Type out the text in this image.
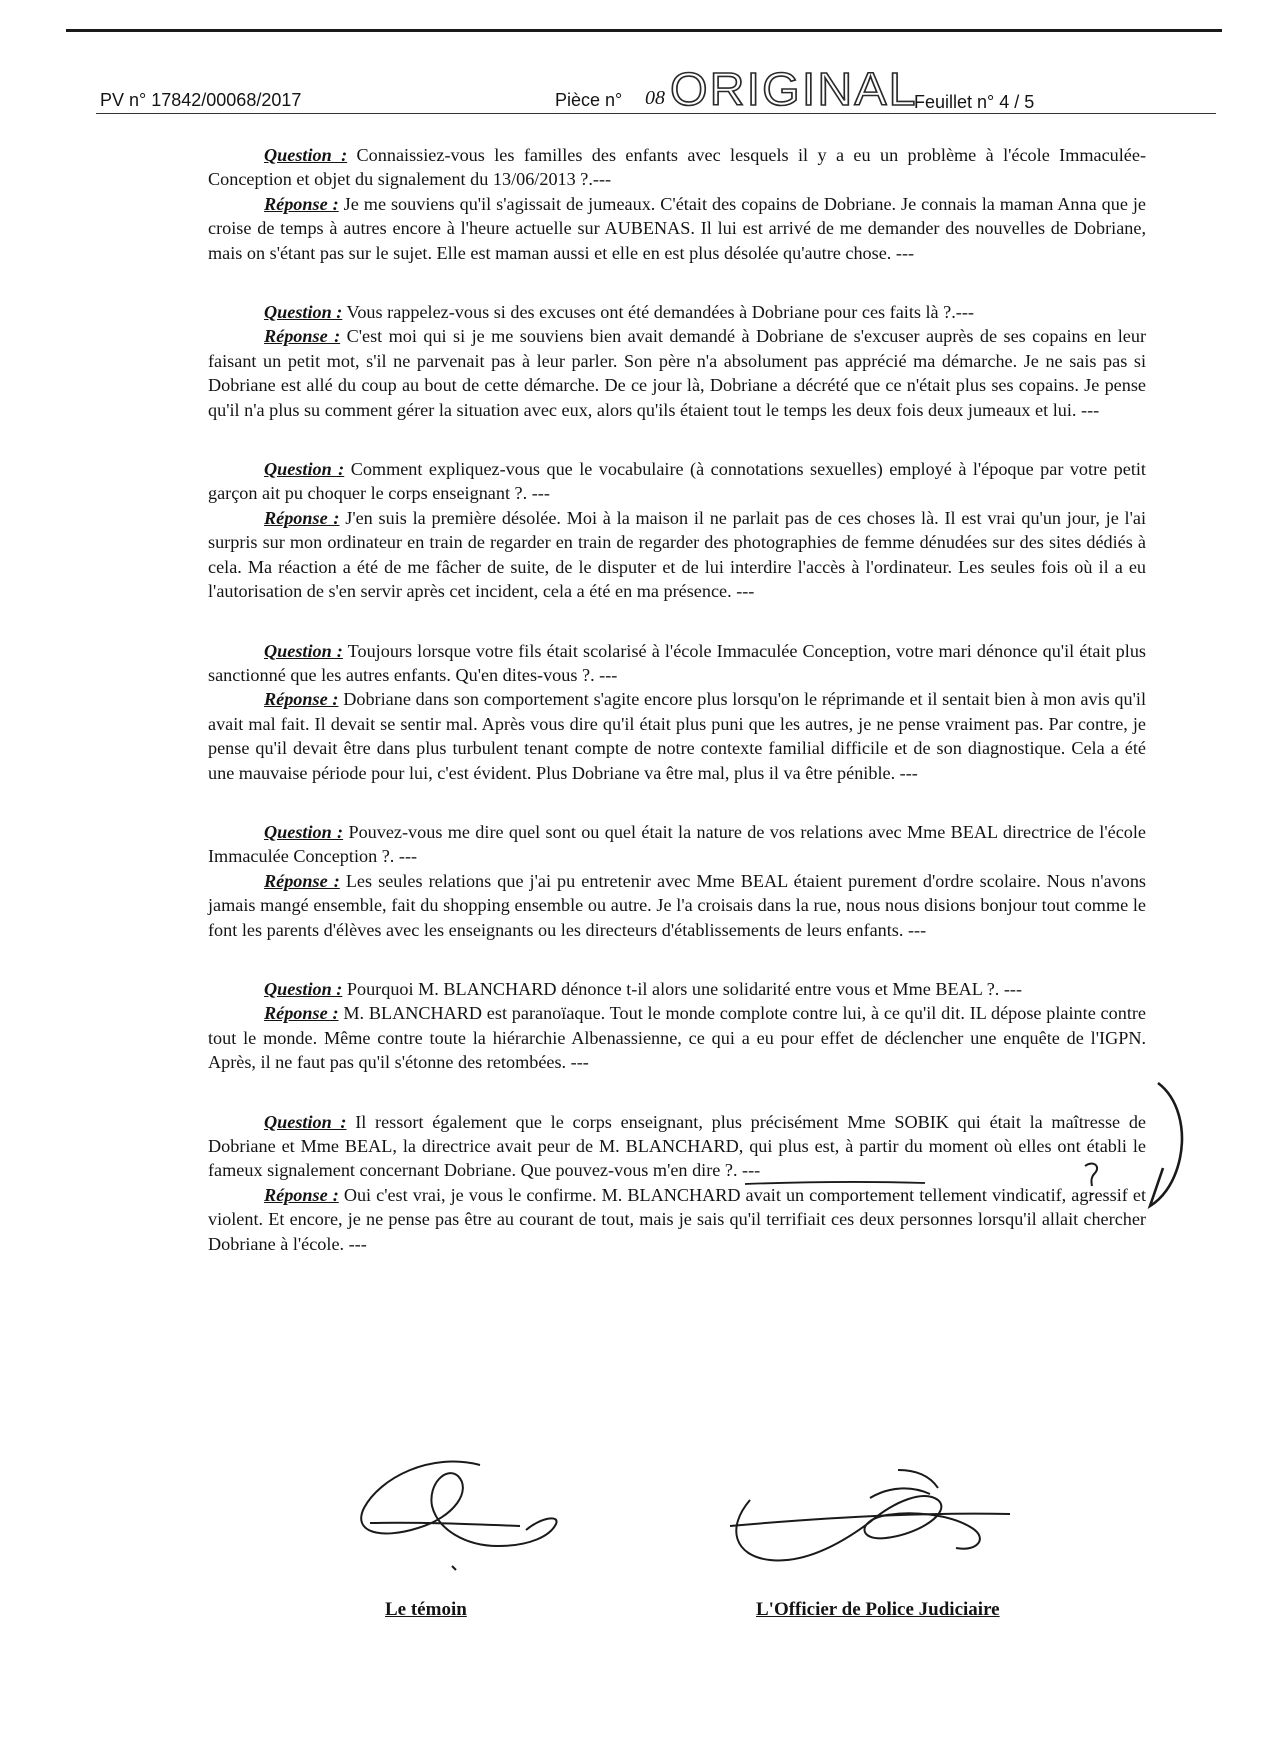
PV n° 17842/00068/2017	Pièce n° 08 ORIGINAL
Feuillet n° 4 / 5
Question : Connaissiez-vous les familles des enfants avec lesquels il y a eu un problème à l'école Immaculée-Conception et objet du signalement du 13/06/2013 ?.---
Réponse : Je me souviens qu'il s'agissait de jumeaux. C'était des copains de Dobriane. Je connais la maman Anna que je croise de temps à autres encore à l'heure actuelle sur AUBENAS. Il lui est arrivé de me demander des nouvelles de Dobriane, mais on s'étant pas sur le sujet. Elle est maman aussi et elle en est plus désolée qu'autre chose. ---
Question : Vous rappelez-vous si des excuses ont été demandées à Dobriane pour ces faits là ?.---
Réponse : C'est moi qui si je me souviens bien avait demandé à Dobriane de s'excuser auprès de ses copains en leur faisant un petit mot, s'il ne parvenait pas à leur parler. Son père n'a absolument pas apprécié ma démarche. Je ne sais pas si Dobriane est allé du coup au bout de cette démarche. De ce jour là, Dobriane a décrété que ce n'était plus ses copains. Je pense qu'il n'a plus su comment gérer la situation avec eux, alors qu'ils étaient tout le temps les deux fois deux jumeaux et lui. ---
Question : Comment expliquez-vous que le vocabulaire (à connotations sexuelles) employé à l'époque par votre petit garçon ait pu choquer le corps enseignant ?. ---
Réponse : J'en suis la première désolée. Moi à la maison il ne parlait pas de ces choses là. Il est vrai qu'un jour, je l'ai surpris sur mon ordinateur en train de regarder en train de regarder des photographies de femme dénudées sur des sites dédiés à cela. Ma réaction a été de me fâcher de suite, de le disputer et de lui interdire l'accès à l'ordinateur. Les seules fois où il a eu l'autorisation de s'en servir après cet incident, cela a été en ma présence. ---
Question : Toujours lorsque votre fils était scolarisé à l'école Immaculée Conception, votre mari dénonce qu'il était plus sanctionné que les autres enfants. Qu'en dites-vous ?. ---
Réponse : Dobriane dans son comportement s'agite encore plus lorsqu'on le réprimande et il sentait bien à mon avis qu'il avait mal fait. Il devait se sentir mal. Après vous dire qu'il était plus puni que les autres, je ne pense vraiment pas. Par contre, je pense qu'il devait être dans plus turbulent tenant compte de notre contexte familial difficile et de son diagnostique. Cela a été une mauvaise période pour lui, c'est évident. Plus Dobriane va être mal, plus il va être pénible. ---
Question : Pouvez-vous me dire quel sont ou quel était la nature de vos relations avec Mme BEAL directrice de l'école Immaculée Conception ?. ---
Réponse : Les seules relations que j'ai pu entretenir avec Mme BEAL étaient purement d'ordre scolaire. Nous n'avons jamais mangé ensemble, fait du shopping ensemble ou autre. Je l'a croisais dans la rue, nous nous disions bonjour tout comme le font les parents d'élèves avec les enseignants ou les directeurs d'établissements de leurs enfants. ---
Question : Pourquoi M. BLANCHARD dénonce t-il alors une solidarité entre vous et Mme BEAL ?. ---
Réponse : M. BLANCHARD est paranoïaque. Tout le monde complote contre lui, à ce qu'il dit. IL dépose plainte contre tout le monde. Même contre toute la hiérarchie Albenassienne, ce qui a eu pour effet de déclencher une enquête de l'IGPN. Après, il ne faut pas qu'il s'étonne des retombées. ---
Question : Il ressort également que le corps enseignant, plus précisément Mme SOBIK qui était la maîtresse de Dobriane et Mme BEAL, la directrice avait peur de M. BLANCHARD, qui plus est, à partir du moment où elles ont établi le fameux signalement concernant Dobriane. Que pouvez-vous m'en dire ?. ---
Réponse : Oui c'est vrai, je vous le confirme. M. BLANCHARD avait un comportement tellement vindicatif, agressif et violent. Et encore, je ne pense pas être au courant de tout, mais je sais qu'il terrifiait ces deux personnes lorsqu'il allait chercher Dobriane à l'école. ---
Le témoin	L'Officier de Police Judiciaire
